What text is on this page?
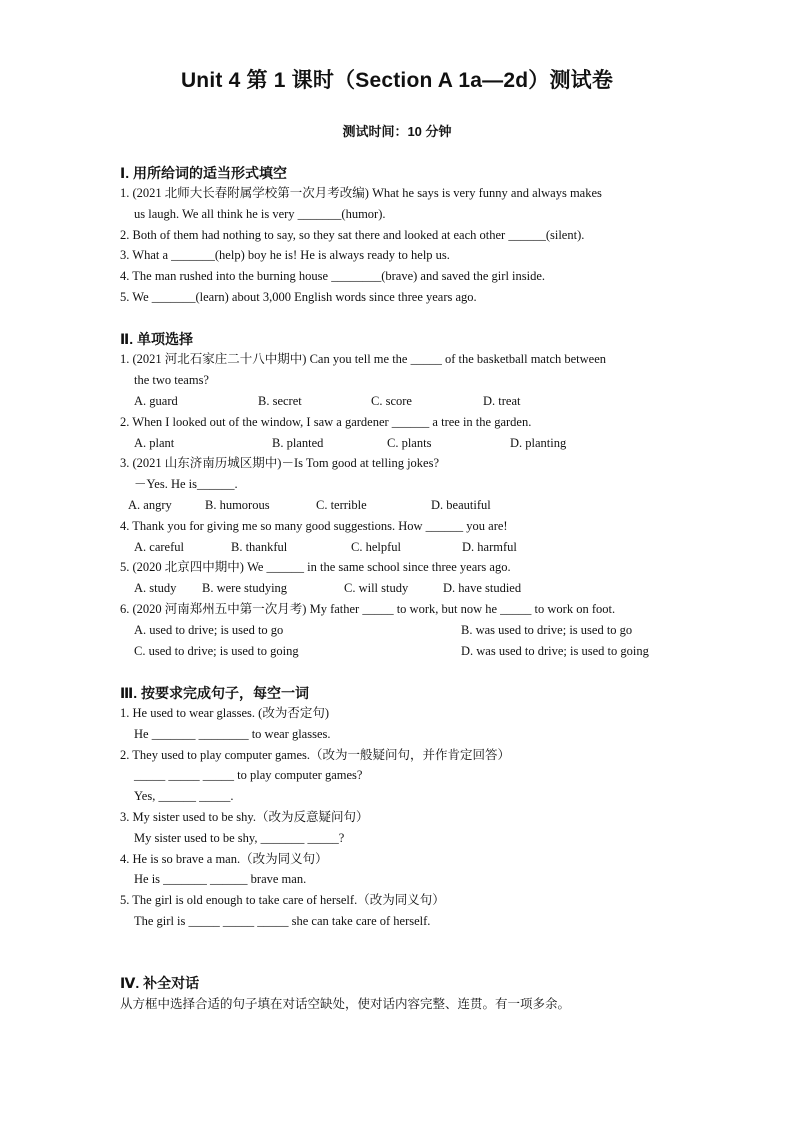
Unit 4 第 1 课时（Section A 1a—2d）测试卷
测试时间：10 分钟
Ⅰ. 用所给词的适当形式填空
1. (2021 北师大长春附属学校第一次月考改编) What he says is very funny and always makes
us laugh. We all think he is very _______(humor).
2. Both of them had nothing to say, so they sat there and looked at each other ______(silent).
3. What a _______(help) boy he is! He is always ready to help us.
4. The man rushed into the burning house ________(brave) and saved the girl inside.
5. We _______(learn) about 3,000 English words since three years ago.
Ⅱ. 单项选择
1. (2021 河北石家庄二十八中期中) Can you tell me the _____ of the basketball match between
the two teams?
A. guard	B. secret	C. score	D. treat
2. When I looked out of the window, I saw a gardener ______ a tree in the garden.
A. plant	B. planted	C. plants	D. planting
3. (2021 山东济南历城区期中)－Is Tom good at telling jokes?
－Yes. He is______.
A. angry	B. humorous	C. terrible	D. beautiful
4. Thank you for giving me so many good suggestions. How ______ you are!
A. careful	B. thankful	C. helpful	D. harmful
5. (2020 北京四中期中) We ______ in the same school since three years ago.
A. study B. were studying	C. will study	D. have studied
6. (2020 河南郑州五中第一次月考) My father _____ to work, but now he _____ to work on foot.
A. used to drive; is used to go	B. was used to drive; is used to go
C. used to drive; is used to going	D. was used to drive; is used to going
Ⅲ. 按要求完成句子，每空一词
1. He used to wear glasses. (改为否定句)
He _______ ________ to wear glasses.
2. They used to play computer games.（改为一般疑问句，并作肯定回答）
_____ _____ _____ to play computer games?
Yes, ______ _____.
3. My sister used to be shy.（改为反意疑问句）
My sister used to be shy, _______ _____?
4. He is so brave a man.（改为同义句）
He is _______ ______ brave man.
5. The girl is old enough to take care of herself.（改为同义句）
The girl is _____ _____ _____ she can take care of herself.
Ⅳ. 补全对话
从方框中选择合适的句子填在对话空缺处，使对话内容完整、连贯。有一项多余。
